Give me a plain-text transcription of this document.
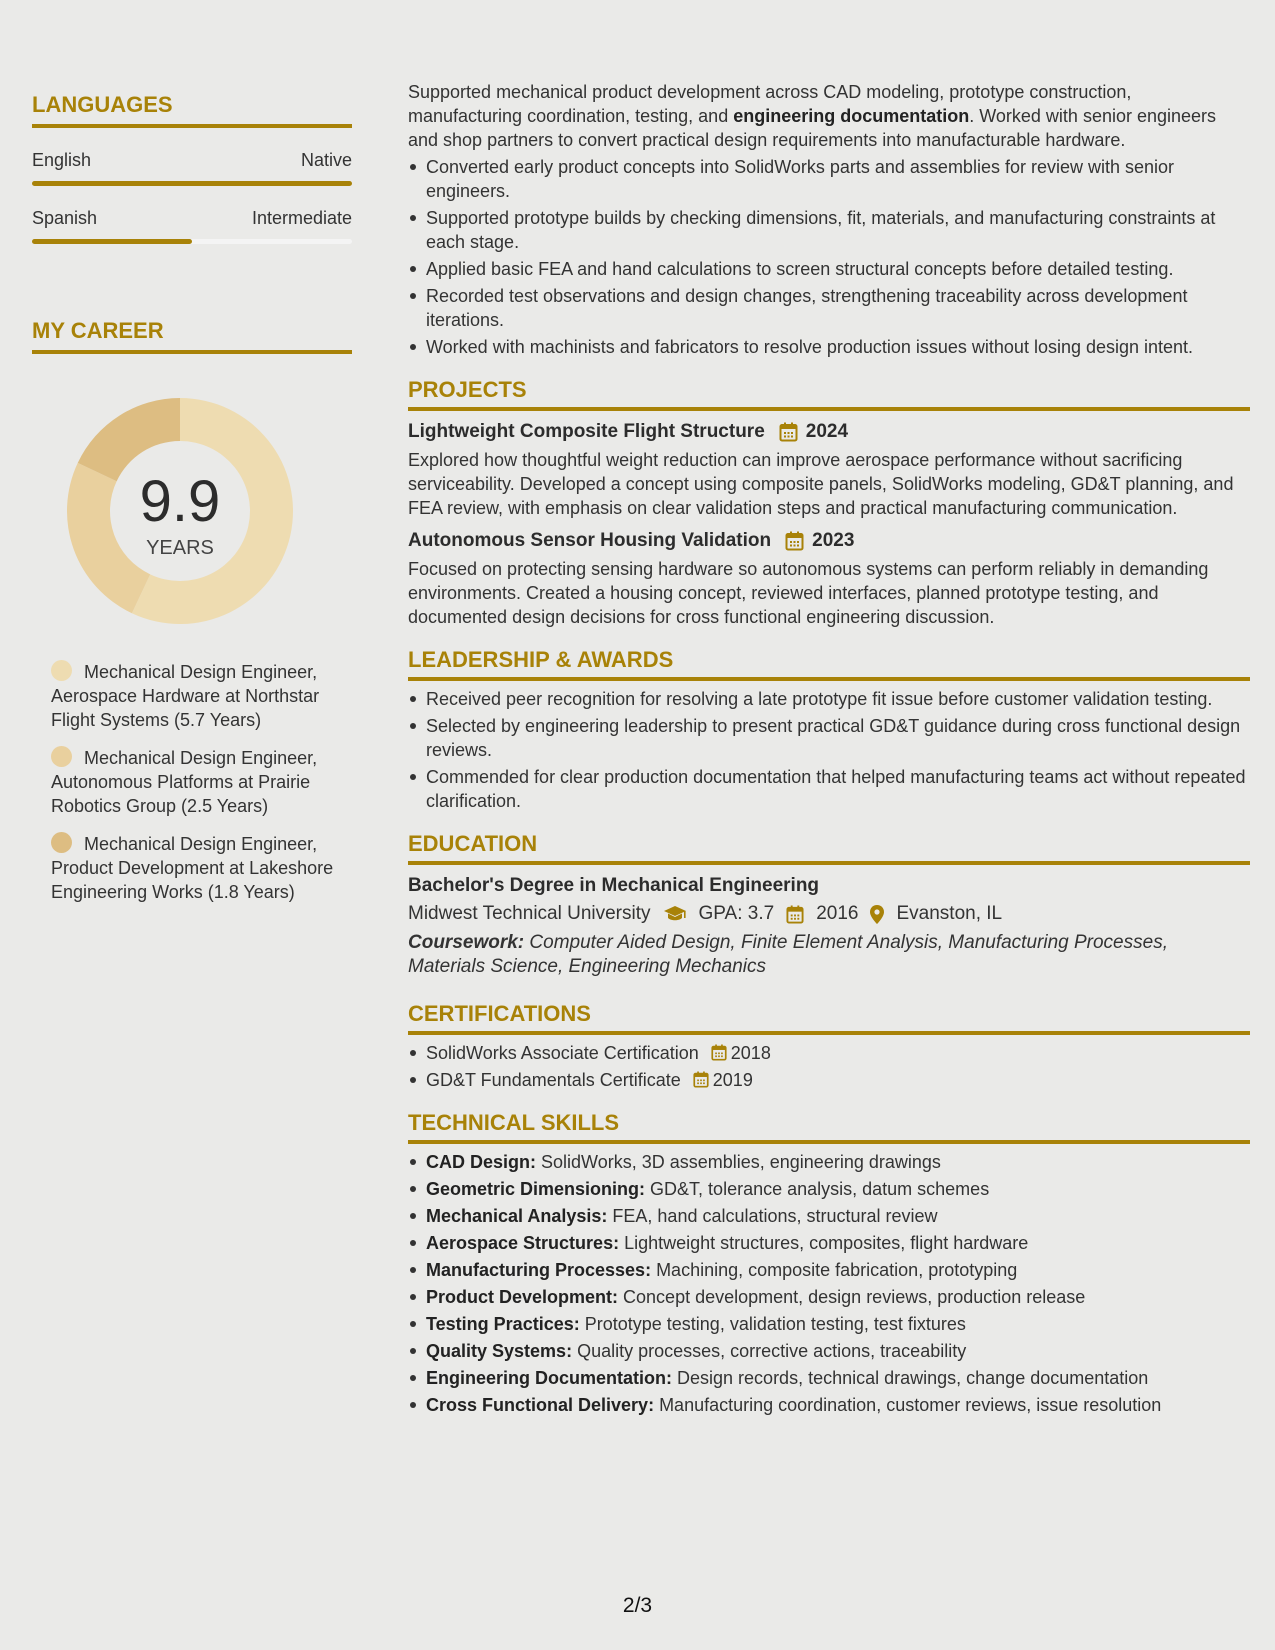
LANGUAGES
English	Native
Spanish	Intermediate
MY CAREER
9.9
YEARS
Mechanical Design Engineer, Aerospace Hardware at Northstar Flight Systems (5.7 Years)
Mechanical Design Engineer, Autonomous Platforms at Prairie Robotics Group (2.5 Years)
Mechanical Design Engineer, Product Development at Lakeshore Engineering Works (1.8 Years)

Supported mechanical product development across CAD modeling, prototype construction, manufacturing coordination, testing, and engineering documentation. Worked with senior engineers and shop partners to convert practical design requirements into manufacturable hardware.

Converted early product concepts into SolidWorks parts and assemblies for review with senior engineers.
Supported prototype builds by checking dimensions, fit, materials, and manufacturing constraints at each stage.
Applied basic FEA and hand calculations to screen structural concepts before detailed testing.
Recorded test observations and design changes, strengthening traceability across development iterations.
Worked with machinists and fabricators to resolve production issues without losing design intent.
PROJECTS
Lightweight Composite Flight Structure 2024

Explored how thoughtful weight reduction can improve aerospace performance without sacrificing serviceability. Developed a concept using composite panels, SolidWorks modeling, GD&T planning, and FEA review, with emphasis on clear validation steps and practical manufacturing communication.

Autonomous Sensor Housing Validation 2023

Focused on protecting sensing hardware so autonomous systems can perform reliably in demanding environments. Created a housing concept, reviewed interfaces, planned prototype testing, and documented design decisions for cross functional engineering discussion.

LEADERSHIP & AWARDS
Received peer recognition for resolving a late prototype fit issue before customer validation testing.
Selected by engineering leadership to present practical GD&T guidance during cross functional design reviews.
Commended for clear production documentation that helped manufacturing teams act without repeated clarification.
EDUCATION
Bachelor's Degree in Mechanical Engineering
Midwest Technical University	GPA: 3.7 2016 Evanston, IL

Coursework: Computer Aided Design, Finite Element Analysis, Manufacturing Processes, Materials Science, Engineering Mechanics

CERTIFICATIONS
SolidWorks Associate Certification 2018
GD&T Fundamentals Certificate 2019
TECHNICAL SKILLS
CAD Design: SolidWorks, 3D assemblies, engineering drawings
Geometric Dimensioning: GD&T, tolerance analysis, datum schemes
Mechanical Analysis: FEA, hand calculations, structural review
Aerospace Structures: Lightweight structures, composites, flight hardware
Manufacturing Processes: Machining, composite fabrication, prototyping
Product Development: Concept development, design reviews, production release
Testing Practices: Prototype testing, validation testing, test fixtures
Quality Systems: Quality processes, corrective actions, traceability
Engineering Documentation: Design records, technical drawings, change documentation
Cross Functional Delivery: Manufacturing coordination, customer reviews, issue resolution
2/3
